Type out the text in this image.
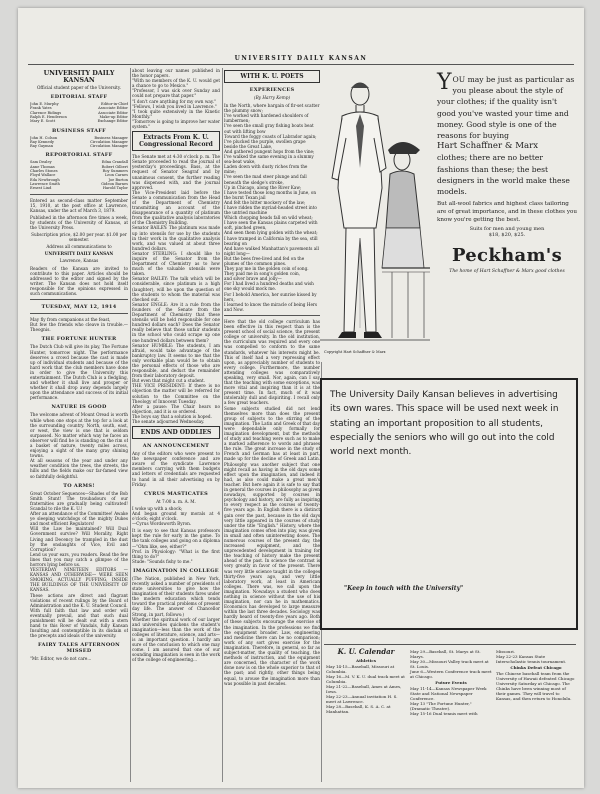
UNIVERSITY DAILY KANSAN
UNIVERSITY DAILY KANSAN
Official student paper of the University.
EDITORIAL STAFF
John E. Murphy	Editor-in-Chief
Frank Yates	Associate Editor
Clarence Ridings	Associate Editor
Ralph E. Henderson	Make-up Editor
Mary E. Scott	Exchange Editor
BUSINESS STAFF
John H. Colson	Business Manager
Ray Kennedy	Circulation Manager
Ray Gayman	Circulation Manager
REPORTORIAL STAFF
Sam Dealey	Edna Crandall
Anne Thomas	Robert Gilbert
Charles Stones	Roy Summers
Floyd Wallace	Leon Carnes
Eda Newbrough	Joe Burton
Lawrence Smith	Gideon Barnes
Ernest Lind	Harold Taylor

Entered as second-class matter September 15, 1910, at the post office at Lawrence, Kansas, under the act of March 3, 1879.

Published in the afternoon five times a week, by students of the University of Kansas, at the University Press.

Subscription price, $2.00 per year. $1.00 per semester.

Address all communications to

UNIVERSITY DAILY KANSAN

Lawrence, Kansas

Readers of the Kansan are invited to contribute to this paper. Articles should be addressed to the editor and signed by the writer. The Kansan does not hold itself responsible for the opinions expressed in such communications.

TUESDAY, MAY 12, 1914

May fly from companions at the feast,
But few the friends who cleave in trouble.—Theognis.

THE FORTUNE HUNTER

The Dutch Club will give its play, The Fortune Hunter, tomorrow night. The performance deserves a crowd because the cast is made up of individual students and because of the hard work that the club members have done in order to give the University this entertainment. The Dutch Club is a fledgling, and whether it shall live and prosper or whether it shall drop away depends largely upon the attendance and success of its initial performance.

NATURE IS GOOD

The welcome advent of Mount Oread is worth while when one stops at the top for a look at the surrounding country. North, south, east, or west, the view is one that is seldom surpassed. No matter which way he faces an observer will find he is standing on the rim of a basket of nature, twenty miles across, enjoying a sight of the many gray shining towns.
At all seasons of the year and under any weather condition the trees, the streets, the hills and the fields make our far-famed view so faithfully delightful.

TO ARMS!

Great October Sequences—Shades of the Bob Smith Stunt! The troubadours of our fraternities are gradually being cultivated! Scandal to rile the K. U.!
After an attendance of the Committee! Awake ye sleeping watchdogs of the mighty Dukes and most efficient Regulators!
Will the Law be maintained? Will Dual Government survive? Will Morality, Right Living and Decency be trampled in the dust by the onslaughts of Vice, Evil and Corruption?
Lend us your ears, you readers. Read the few lines that you may catch a glimpse of the horrors lying before us.
YESTERDAY NINETEEN EDITORS —KANSAS AND OTHERWISE— WERE SEEN SMOKING, ACTUALLY PUFFING, INSIDE THE BUILDINGS OF THE UNIVERSITY OF KANSAS.
These actions are direct and flagrant violations of recent rulings by the Board of Administration and the K. U. Student Council.
With full faith that law and order will eventually prevail, and that such dual punishment will be dealt out with a stern hand to this Rowr of Vandals, fully Kansan Insulting and contemptible in its disdain of the precepts and ideals of the university.

FAIRY TALES AFTERNOON MISSED

"Mr. Editor, we do not care...

about leaving our names published in the honor papers.
"With no members of the K. U. would get a chance to go to Mexico."
"Professor, I was sick over Sunday and could not prepare that paper."
"I don't care anything for my own way."
"Fellows, I wish you lived in Lawrence."
"I took quite extensively in the Kinetic Monthly."
"Tomorrow is going to improve her water system."

Extracts From K. U. Congressional Record

The Senate met at 4:30 o'clock p. m. The Senate proceeded to read the journal of yesterday's proceedings. Bass, at the request of Senator Seagraf and by unanimous consent, the further reading was dispensed with, and the journal approved.
The Vice-President laid before the Senate a communication from the Head of the Department of Chemistry transmitting an account of the disappearance of a quantity of platinum from the qualitative analysis laboratories of the Chemistry Building.
Senator BAILEY: The platinum was made up into utensils for use by the students in their work in the qualitative analysis work, and was valued at about three hundred dollars.
Senator STERLING: I should like to inquire of the Senator from the Department of Chemistry as to how much of the valuable utensils were taken.
Senator BAILEY: The talk which will be considerable, since platinum is a high (laughter), will be upon the question of the students to whom the material was checked out.
Senator ENGLE: Are it a rule from the founders of the Senate from the Department of Chemistry that these utensils will be held responsible for one hundred dollars each? Does the Senator really believe that those unfair students in the school who could scrape up one one hundred dollars between them?
Senator HUMBLE: The students, I am afraid, would take advantage of the bankruptcy law. It seems to me that the only workable plan would be to obtain the personal effects of those who are responsible, and deduct the remainder from their laboratory deposit.
But even that might cut a student.
THE VICE PRESIDENT: If there is no objection the matter will be referred for solution to the Committee on the Theology of Innocent Tuesday.
After a pause: The Chair hears no objection, and it is so ordered.
The boys say that a solution is hoped.
The senate adjourned Wednesday.

ENDS AND ODDLIES
AN ANNOUNCEMENT

Any of the editors who were present to the newspaper conference and are aware of the syndicate Lawrence members carrying with them budgets and letters of credentials are requested to hand in all their advertising on by Friday.

CYRUS MASTICATES

At 7:00 a. m. A. M.

I woke up with a shock;
And began ground my morals at 4 o'clock; eight o'clock.
—Cyrus Wordsworth Byron.

It is easy to see that Kansas professors kept the rule for early in the game. To the tank colleges and going on a diploma—"Ohm like, see, either?"
Prof. in Physiology: "What is the first thing to do?"
Stude: "Sounds fishy to me."

IMAGINATION IN COLLEGE

(The Nation, published in New York, recently asked a number of presidents of state universities to give how the imagination of their students fares under the modern education which tends toward the practical problems of present day life. The answer of Chancellor Strong, in part, follows:)
Whether the spiritual work of our larger and universities quickens the student's imagination—less than the work of the colleges of literature, science, and arts—is an important question. I hardly am sure of the conclusion to which one may come. I am assured that one of our sounding imagination is seen in the work of the college of engineering...

WITH K. U. POETS
EXPERIENCES
(By Harry Kemp)

In the North, where bargain of fir-set scatter the plummy snow;
I've worked with hardened shoulders of lumbermen;
I've seen the small gray fishing boats beat out with lifting bow
Toward the foggy coasts of Labrador again;
I've plucked the purple, swollen grape beside the Great Lake,
And gathered pungent hops from the vine;
I've walked the same evening in a slummy sea-beat wake,
Laden down with dusty riches from the mine;
I've seen the mad steer plunge and fall beneath the sledge's stroke,
Up in Chicago, along the River Kaw;
I have tested those long months in June, on the burnt Texan jail
And felt the bitter mockery of the law;
I have ridden the myriad-headed street into the untried machine
Which chopping heads fall on wild wheat;
I have seen the Kansas plains carpeted with soft, pinched green,
And seen them lying golden with the wheat;
I have tramped in California by the sea, still bearing on
And have walked Manhattan's pavements all night long—
But the bees free-lived and fed on the plumes of the common pines.
They pay me in the golden coin of song.
They paid me in song's golden coin,
and silver brave and jolly—
For I had lived a hundred deaths and wish one sky would mock me.
For I behold America, her sunrise kissed by hers,
I learned to know the miracle of being Hers and Now.

Here that the old college curriculum has been effective in this respect than is the present school of social science, the present college or university. In the old institution, the curriculum was required and every one was compelled to conform to the same standards, whatever his interests might be. This of itself had a very repressing effect upon, as appreciably number of students to every college. Furthermore, the number attending colleges was comparatively speaking, very small. Nor, again, can I say that the teaching with some exceptions, was more vital and inspiring than it is at the present time. In fact, much of it was intolerably dull and dispiriting. I recall only a few great teachers.
Some subjects studied did not lend themselves more than does the present group of subjects to the stirring of the imagination. The Latin and Greek of that day were dependable only formally for imagination development, but the methods of study and teaching were such as to make a marked adherence to words and phrases the rule. The great increase in the study of French and German has at least in part, made up for the decline of Greek and Latin. Philosophy was another subject that one might recall as having in the old days some effect upon the imagination, and indeed it had, as also could make a great men's teacher. But here again it is safe to say that in general the courses in philosophy as given nowadays, supported by courses in psychology and history, are fully as inspiring to every respect as the courses of twenty-five years ago. In English there is a distinct gain over the past, because in the old days very little appeared in the courses of study under the title "English." History, where the imagination comes often into play, was given in small and often uninteresting doses. The numerous courses of the present day, the increased equipment, and the unprecedented development in training for the teaching of history make the present ahead of the past. In science the contrast is very greatly in favor of the present. There was very little science taught in the colleges thirty-five years ago, and very little laboratory work, at least in American colleges. There was, we call upon the imagination. Nowadays a student who does nothing in science without the use of his imagination, nor can he in mathematics. Economics has developed to large measure within the last three decades. Sociology was hardly heard of twenty-five years ago. Both of these subjects encourage the exercise of the imagination. In the professions we find the equipment broader. Law, engineering and medicine there can be no comparison; work of any sort gives exercise for the imagination. Therefore, in general, so far as subject-matter, the quality of teaching, the methods of instruction, and the equipment are concerned, the character of the work done now is on the whole superior to that of the past; and rightly, other things being equal, to arouse the imagination more than was possible in past decades.

Copyright Hart Schaffner & Marx
YOU may be just as particular as you please about the style of your clothes; if the quality isn't good you've wasted your time and money. Good style is one of the reasons for buying
Hart Schaffner & Marx
clothes; there are no better fashions than these; the best designers in the world make these models.
But all-wool fabrics and highest class tailoring are of great importance, and in these clothes you know you're getting the best.
Suits for men and young men
$18, $20, $25.
Peckham's
The home of Hart Schaffner & Marx good clothes
The University Daily Kansan believes in advertising its own wares. This space will be used next week in stating an important proposition to all students, especially the seniors who will go out into the cold world next month.
"Keep in touch with the University"
K. U. Calendar
Athletics
May 14-15—Baseball, Missouri at Columbia.
May 16—M. V. K. U. dual track meet at Columbia.
May 21-22—Baseball, Ames at Ames, Iowa.
May 22-23—Annual invitation H. S. meet at Lawrence.
May 28—Baseball, K. S. A. C. at Manhattan.
May 29—Baseball, St. Marys at St. Marys.
May 30—Missouri Valley track meet at St. Louis.
June 6—Western Conference track meet at Chicago.
Future Events
May 11-14—Kansas Newspaper Week State and National Newspaper Conference.
May 13 "The Fortune Hunter," (Dramatic Theatre).
May 15-16 Dual tennis meet with
Missouri.
May 22-23 Kansas State Interscholastic tennis tournament.
Chinks Defeat Chicago
The Chinese baseball team from the University of Hawaii defeated Chicago University Saturday at Chicago. The Chinks have been winning most of their games. They will travel to Kansas, and then return to Honolulu.
